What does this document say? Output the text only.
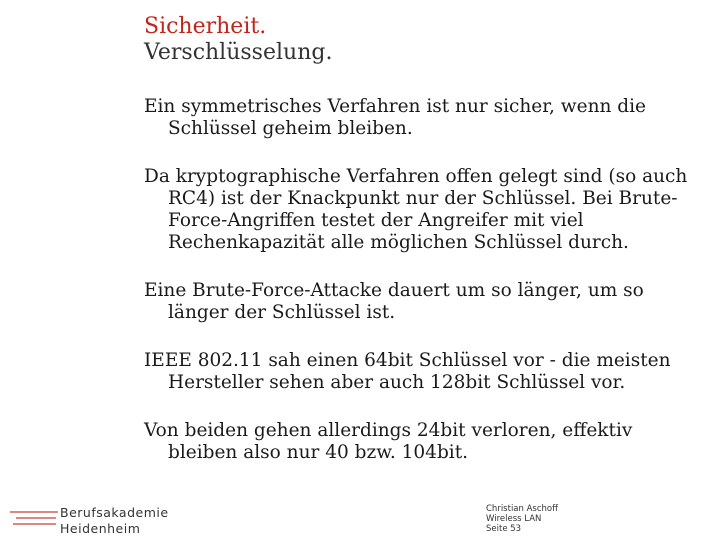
Sicherheit.
Verschlüsselung.

Ein symmetrisches Verfahren ist nur sicher, wenn die Schlüssel geheim bleiben.

Da kryptographische Verfahren offen gelegt sind (so auch RC4) ist der Knackpunkt nur der Schlüssel. Bei Brute-Force-Angriffen testet der Angreifer mit viel Rechenkapazität alle möglichen Schlüssel durch.

Eine Brute-Force-Attacke dauert um so länger, um so länger der Schlüssel ist.

IEEE 802.11 sah einen 64bit Schlüssel vor - die meisten Hersteller sehen aber auch 128bit Schlüssel vor.

Von beiden gehen allerdings 24bit verloren, effektiv bleiben also nur 40 bzw. 104bit.

Berufsakademie
Heidenheim
Christian Aschoff
Wireless LAN
Seite 53
